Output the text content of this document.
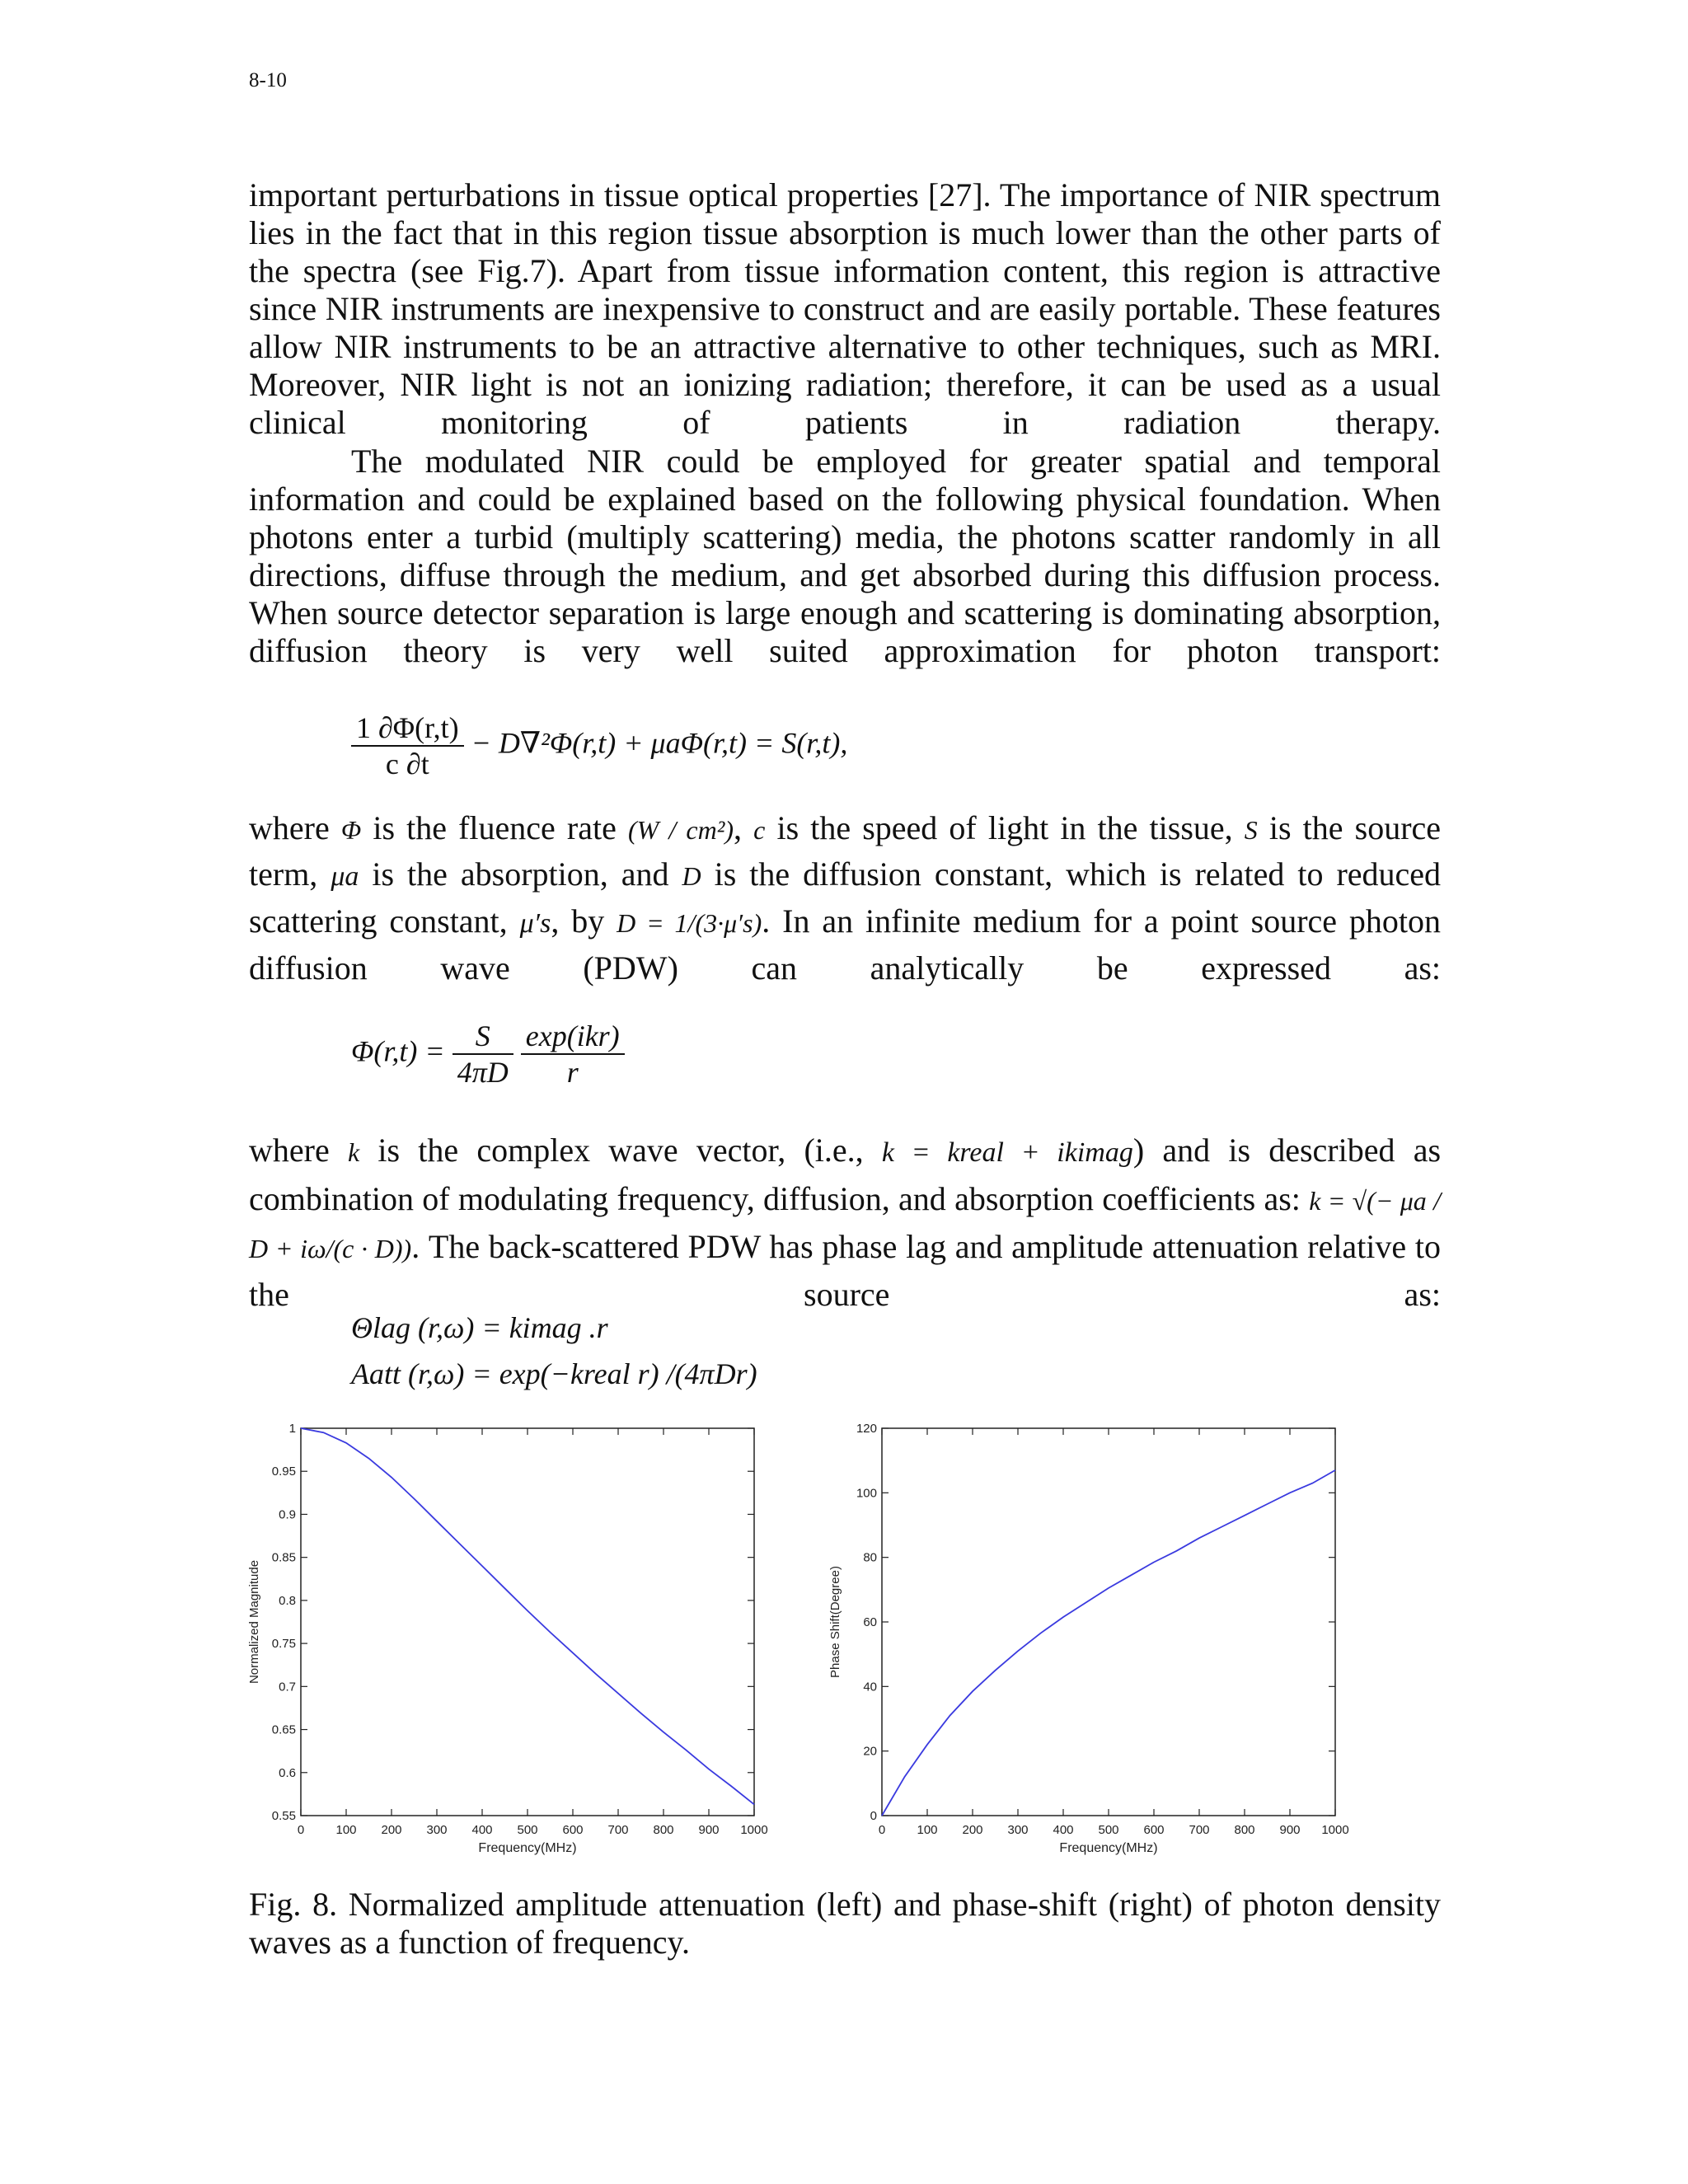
8-10

important perturbations in tissue optical properties [27]. The importance of NIR spectrum lies in the fact that in this region tissue absorption is much lower than the other parts of the spectra (see Fig.7). Apart from tissue information content, this region is attractive since NIR instruments are inexpensive to construct and are easily portable. These features allow NIR instruments to be an attractive alternative to other techniques, such as MRI. Moreover, NIR light is not an ionizing radiation; therefore, it can be used as a usual clinical monitoring of patients in radiation therapy.

The modulated NIR could be employed for greater spatial and temporal information and could be explained based on the following physical foundation. When photons enter a turbid (multiply scattering) media, the photons scatter randomly in all directions, diffuse through the medium, and get absorbed during this diffusion process. When source detector separation is large enough and scattering is dominating absorption, diffusion theory is very well suited approximation for photon transport:

$\frac{1 \partial\Phi(r,t)}{c \partial t} - D\nabla^2\Phi(r,t) + \mu a\Phi(r,t) = S(r,t)$,

where Φ is the fluence rate (W / cm²), c is the speed of light in the tissue, S is the source term, μa is the absorption, and D is the diffusion constant, which is related to reduced scattering constant, μ′s, by D = 1/(3·μ′s). In an infinite medium for a point source photon diffusion wave (PDW) can analytically be expressed as:

$\Phi(r,t) = \frac{S}{4\pi D}$
$\frac{\text{exp(ikr)}}{r}$

where k is the complex wave vector, (i.e., k = kreal + ikimag) and is described as combination of modulating frequency, diffusion, and absorption coefficients as: k = √(− μa / D + iω/(c · D)). The back-scattered PDW has phase lag and amplitude attenuation relative to the source as:

Θlag (r,ω) = kimag .r
Aatt (r,ω) = exp(−kreal r) /(4πDr)
0	100 200 300 400 500 600 700 800 900 1000
0.55
0.6
0.65
0.7
0.75
0.8
0.85
0.9
0.95
1
Frequency(MHz)
Normalized Magnitude
0	100 200 300 400 500 600 700 800 900 1000
0
20
40
60
80
100
120
Frequency(MHz)
Phase Shift(Degree)

Fig. 8. Normalized amplitude attenuation (left) and phase-shift (right) of photon density waves as a function of frequency.
